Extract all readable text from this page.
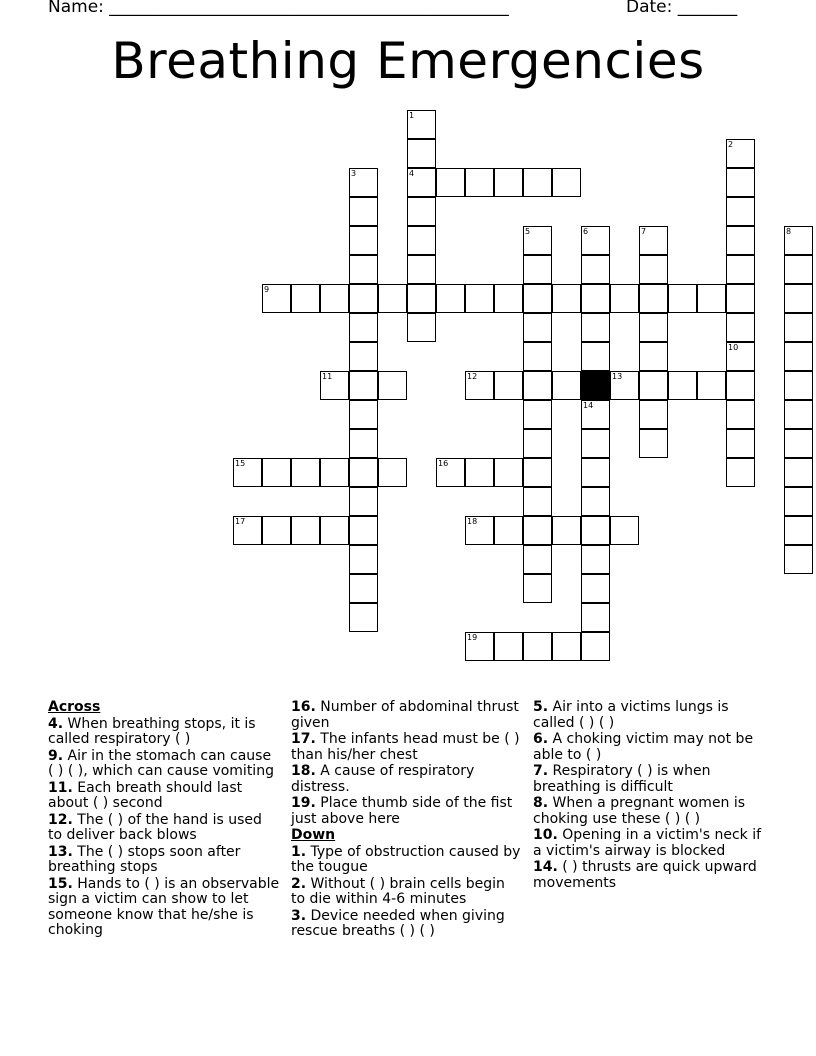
Name: _______________________________________________	Date: _______
Breathing Emergencies
1
4
2
3
5	6	7	8
9
10
11	12	13
14
15	16
17	18
19
Across
4. When breathing stops, it is called respiratory ( )
9. Air in the stomach can cause ( ) ( ), which can cause vomiting
11. Each breath should last about ( ) second
12. The ( ) of the hand is used to deliver back blows
13. The ( ) stops soon after breathing stops
15. Hands to ( ) is an observable sign a victim can show to let someone know that he/she is choking
16. Number of abdominal thrust given
17. The infants head must be ( ) than his/her chest
18. A cause of respiratory distress.
19. Place thumb side of the fist just above here
Down
1. Type of obstruction caused by the tougue
2. Without ( ) brain cells begin to die within 4-6 minutes
3. Device needed when giving rescue breaths ( ) ( )
5. Air into a victims lungs is called ( ) ( )
6. A choking victim may not be able to ( )
7. Respiratory ( ) is when breathing is difficult
8. When a pregnant women is choking use these ( ) ( )
10. Opening in a victim's neck if a victim's airway is blocked
14. ( ) thrusts are quick upward movements
